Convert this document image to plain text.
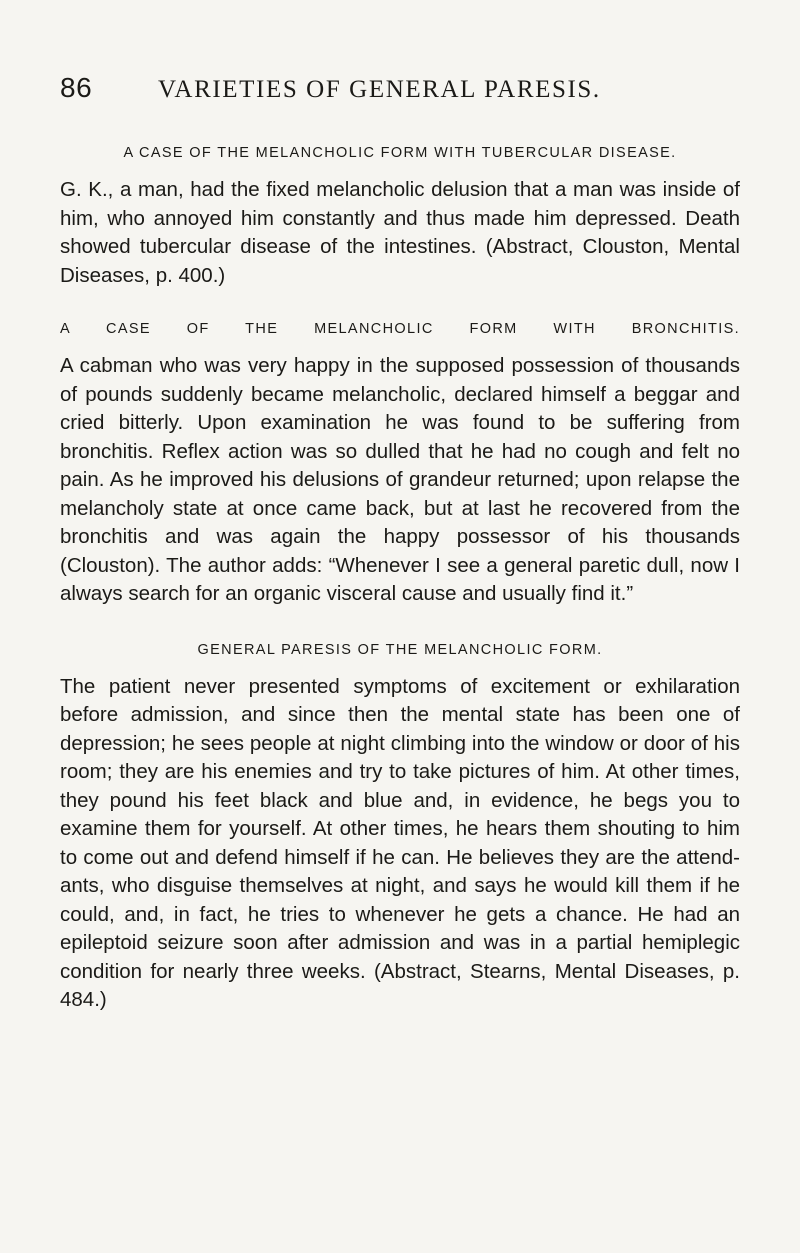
86	VARIETIES OF GENERAL PARESIS.
A CASE OF THE MELANCHOLIC FORM WITH TUBERCULAR DISEASE.

G. K., a man, had the fixed melancholic delusion that a man was inside of him, who annoyed him constantly and thus made him depressed. Death showed tubercular disease of the intestines. (Abstract, Clouston, Mental Diseases, p. 400.)

A CASE OF THE MELANCHOLIC FORM WITH BRONCHITIS.

A cabman who was very happy in the supposed possession of thousands of pounds suddenly became melancholic, declared himself a beggar and cried bitterly. Upon examination he was found to be suffering from bronchitis. Reflex action was so dulled that he had no cough and felt no pain. As he improved his delusions of grandeur returned; upon relapse the melancholy state at once came back, but at last he recovered from the bronchitis and was again the happy possessor of his thousands (Clouston). The author adds: “Whenever I see a general paretic dull, now I always search for an organic visceral cause and usually find it.”

GENERAL PARESIS OF THE MELANCHOLIC FORM.

The patient never presented symptoms of excitement or exhilaration before admission, and since then the mental state has been one of depression; he sees people at night climbing into the window or door of his room; they are his enemies and try to take pictures of him. At other times, they pound his feet black and blue and, in evidence, he begs you to examine them for yourself. At other times, he hears them shouting to him to come out and defend himself if he can. He believes they are the attendants, who disguise themselves at night, and says he would kill them if he could, and, in fact, he tries to whenever he gets a chance. He had an epileptoid seizure soon after admission and was in a partial hemiplegic condition for nearly three weeks. (Abstract, Stearns, Mental Diseases, p. 484.)
